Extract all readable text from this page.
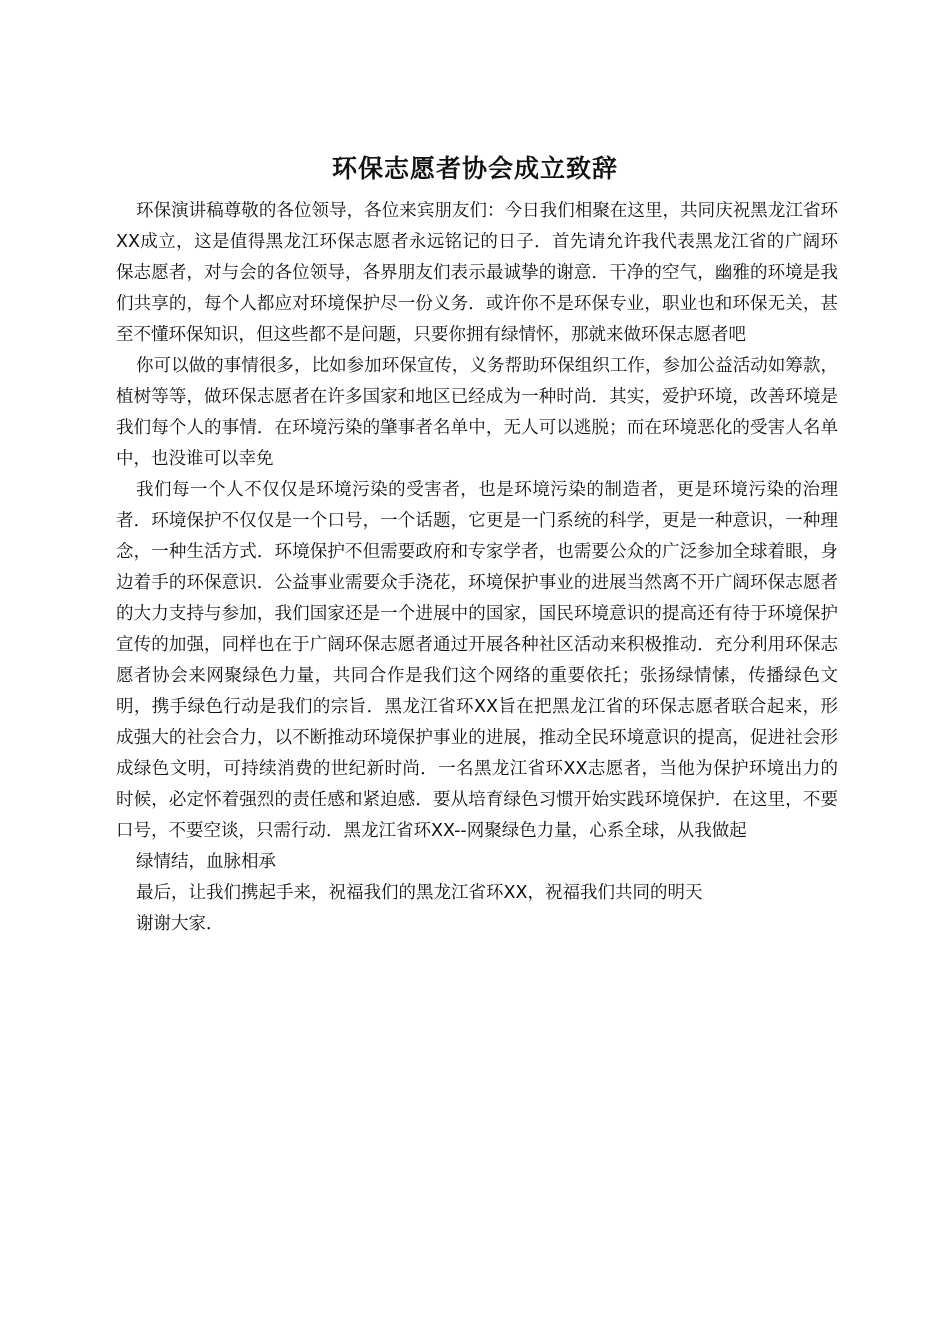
环保志愿者协会成立致辞

环保演讲稿尊敬的各位领导，各位来宾朋友们：今日我们相聚在这里，共同庆祝黑龙江省环XX成立，这是值得黑龙江环保志愿者永远铭记的日子．首先请允许我代表黑龙江省的广阔环保志愿者，对与会的各位领导，各界朋友们表示最诚挚的谢意．干净的空气，幽雅的环境是我们共享的，每个人都应对环境保护尽一份义务．或许你不是环保专业，职业也和环保无关，甚至不懂环保知识，但这些都不是问题，只要你拥有绿情怀，那就来做环保志愿者吧

你可以做的事情很多，比如参加环保宣传，义务帮助环保组织工作，参加公益活动如筹款，植树等等，做环保志愿者在许多国家和地区已经成为一种时尚．其实，爱护环境，改善环境是我们每个人的事情．在环境污染的肇事者名单中，无人可以逃脱；而在环境恶化的受害人名单中，也没谁可以幸免

我们每一个人不仅仅是环境污染的受害者，也是环境污染的制造者，更是环境污染的治理者．环境保护不仅仅是一个口号，一个话题，它更是一门系统的科学，更是一种意识，一种理念，一种生活方式．环境保护不但需要政府和专家学者，也需要公众的广泛参加全球着眼，身边着手的环保意识．公益事业需要众手浇花，环境保护事业的进展当然离不开广阔环保志愿者的大力支持与参加，我们国家还是一个进展中的国家，国民环境意识的提高还有待于环境保护宣传的加强，同样也在于广阔环保志愿者通过开展各种社区活动来积极推动．充分利用环保志愿者协会来网聚绿色力量，共同合作是我们这个网络的重要依托；张扬绿情愫，传播绿色文明，携手绿色行动是我们的宗旨．黑龙江省环XX旨在把黑龙江省的环保志愿者联合起来，形成强大的社会合力，以不断推动环境保护事业的进展，推动全民环境意识的提高，促进社会形成绿色文明，可持续消费的世纪新时尚．一名黑龙江省环XX志愿者，当他为保护环境出力的时候，必定怀着强烈的责任感和紧迫感．要从培育绿色习惯开始实践环境保护．在这里，不要口号，不要空谈，只需行动．黑龙江省环XX--网聚绿色力量，心系全球，从我做起

绿情结，血脉相承

最后，让我们携起手来，祝福我们的黑龙江省环XX，祝福我们共同的明天

谢谢大家．
